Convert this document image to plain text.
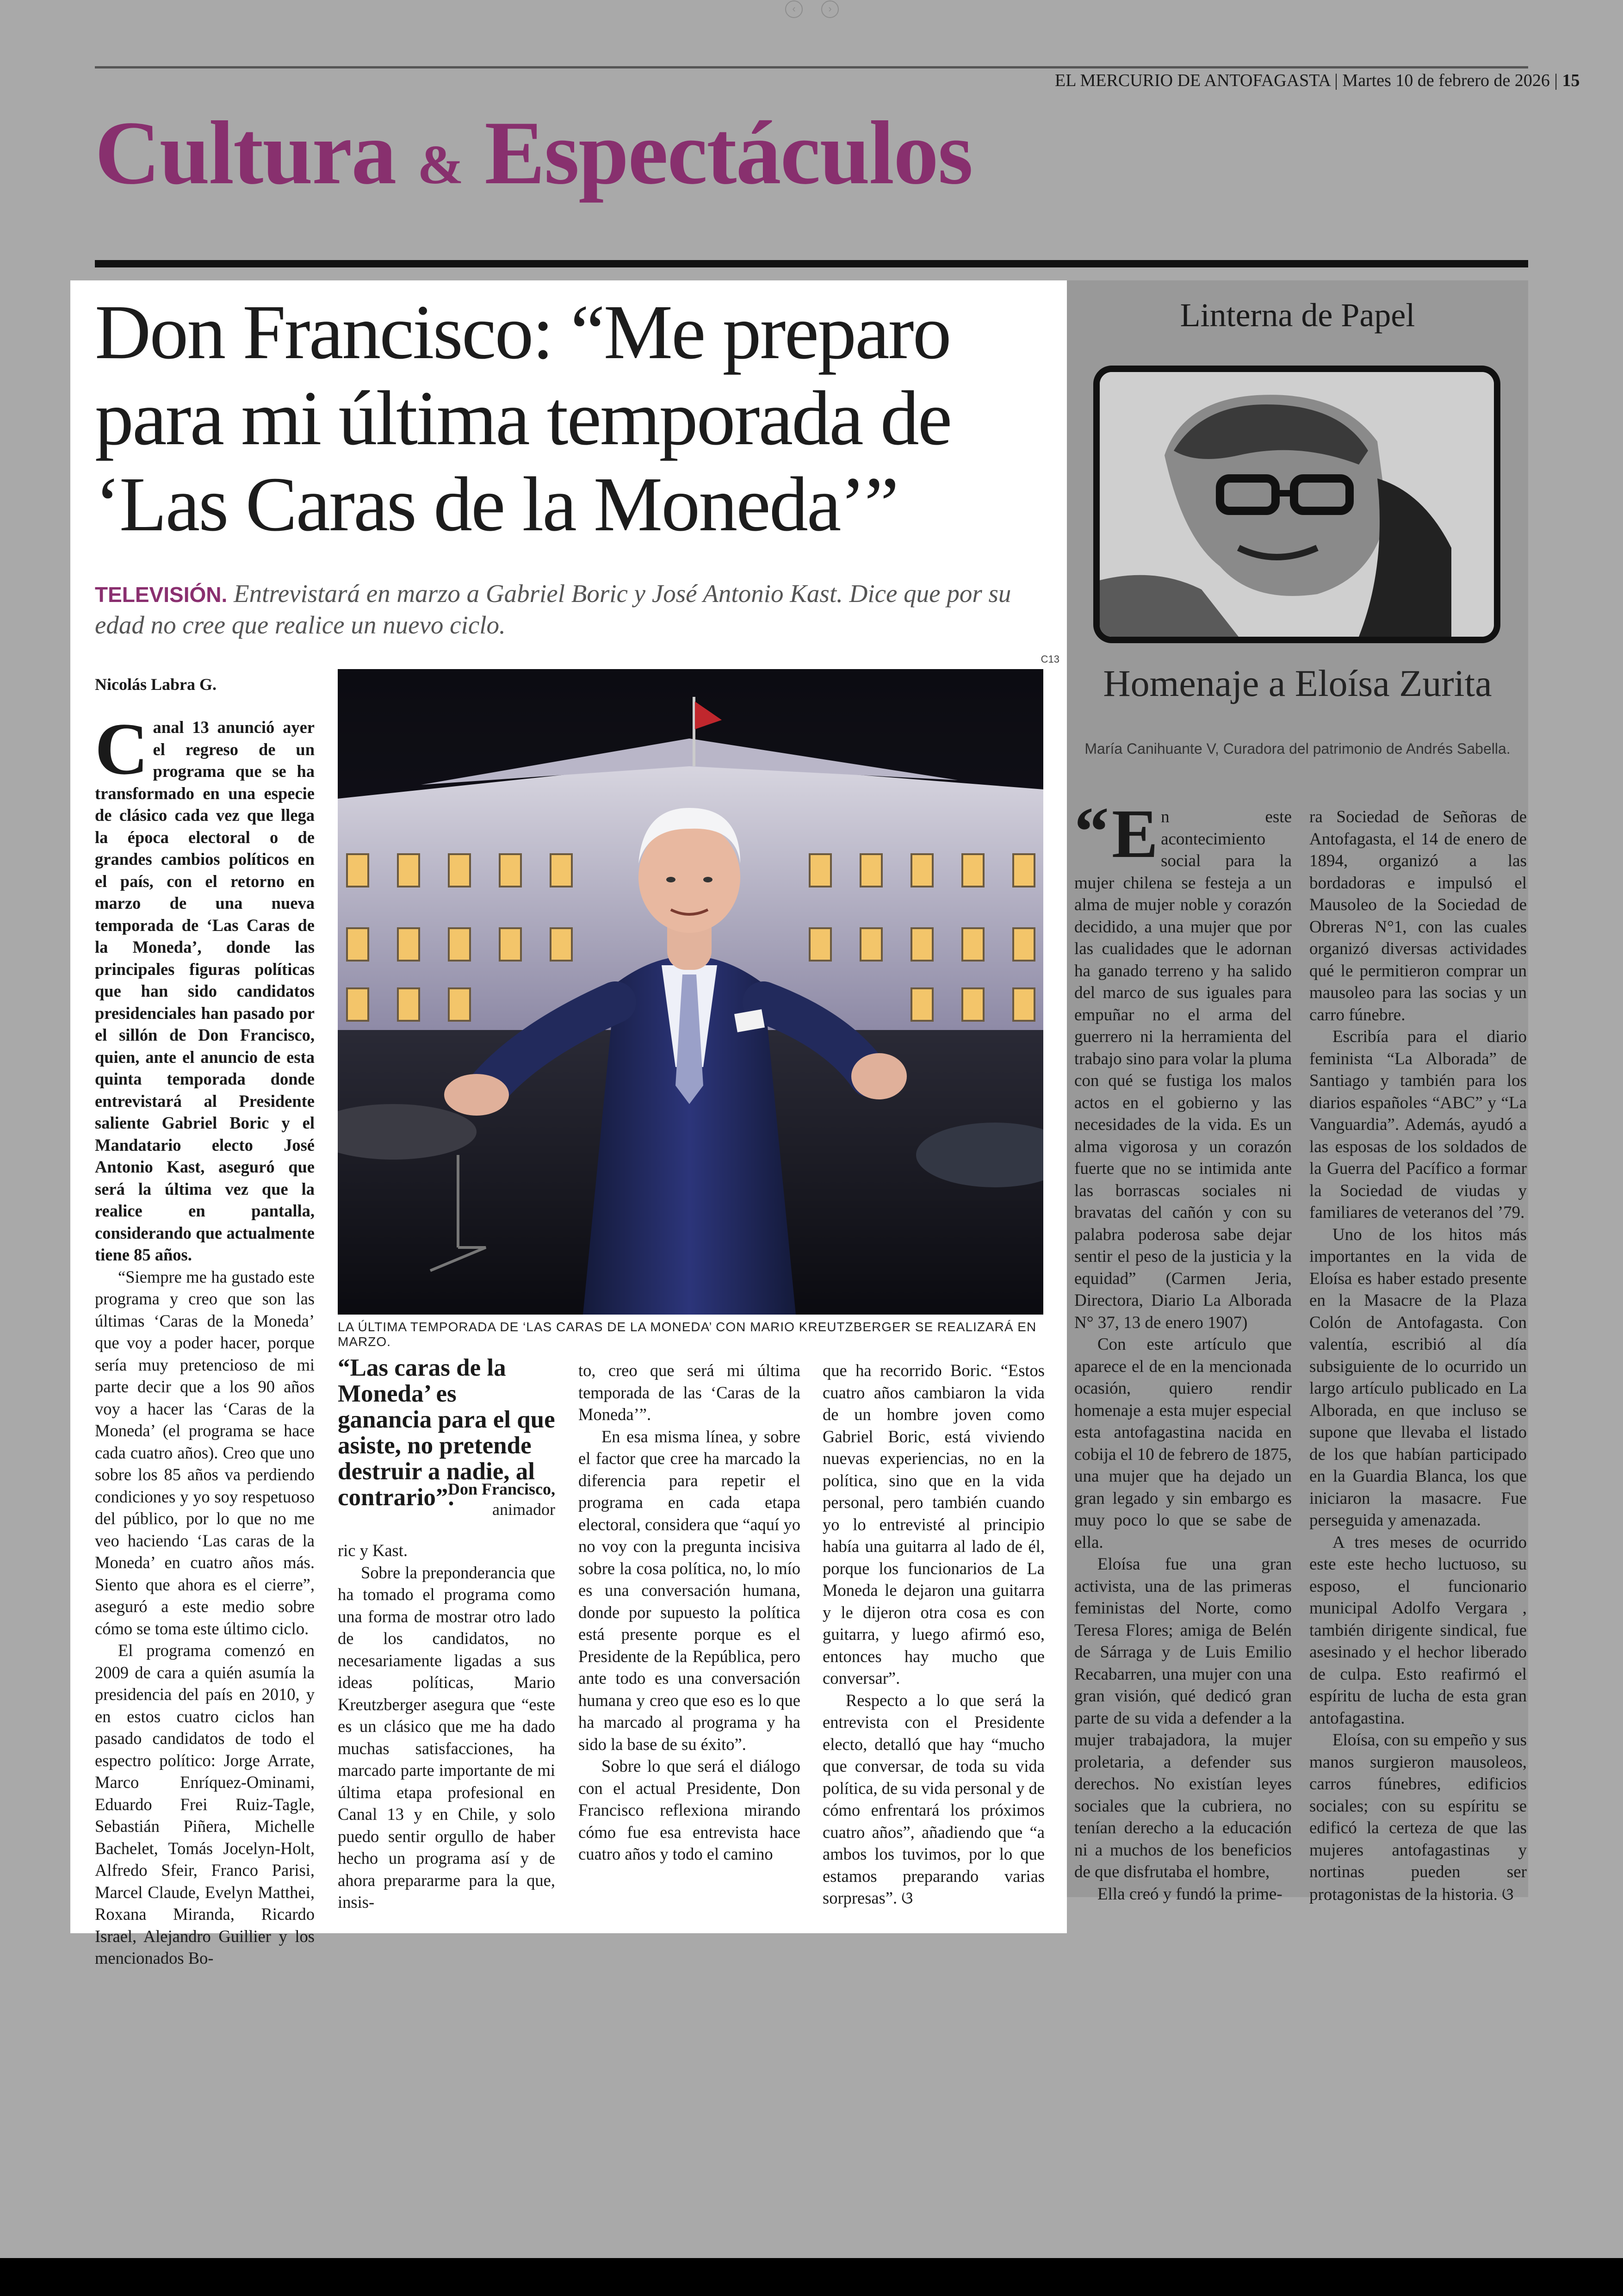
‹	›
EL MERCURIO DE ANTOFAGASTA | Martes 10 de febrero de 2026 | 15
Cultura & Espectáculos
Don Francisco: “Me preparo para mi última temporada de ‘Las Caras de la Moneda’”
TELEVISIÓN. Entrevistará en marzo a Gabriel Boric y José Antonio Kast. Dice que por su edad no cree que realice un nuevo ciclo.
C13
Nicolás Labra G.
LA ÚLTIMA TEMPORADA DE ‘LAS CARAS DE LA MONEDA’ CON MARIO KREUTZBERGER SE REALIZARÁ EN MARZO.

Canal 13 anunció ayer el regreso de un programa que se ha transformado en una especie de clásico cada vez que llega la época electoral o de grandes cambios políticos en el país, con el retorno en marzo de una nueva temporada de ‘Las Caras de la Moneda’, donde las principales figuras políticas que han sido candidatos presidenciales han pasado por el sillón de Don Francisco, quien, ante el anuncio de esta quinta temporada donde entrevistará al Presidente saliente Gabriel Boric y el Mandatario electo José Antonio Kast, aseguró que será la última vez que la realice en pantalla, considerando que actualmente tiene 85 años.

“Siempre me ha gustado este programa y creo que son las últimas ‘Caras de la Moneda’ que voy a poder hacer, porque sería muy pretencioso de mi parte decir que a los 90 años voy a hacer las ‘Caras de la Moneda’ (el programa se hace cada cuatro años). Creo que uno sobre los 85 años va perdiendo condiciones y yo soy respetuoso del público, por lo que no me veo haciendo ‘Las caras de la Moneda’ en cuatro años más. Siento que ahora es el cierre”, aseguró a este medio sobre cómo se toma este último ciclo.

El programa comenzó en 2009 de cara a quién asumía la presidencia del país en 2010, y en estos cuatro ciclos han pasado candidatos de todo el espectro político: Jorge Arrate, Marco Enríquez-Ominami, Eduardo Frei Ruiz-Tagle, Sebastián Piñera, Michelle Bachelet, Tomás Jocelyn-Holt, Alfredo Sfeir, Franco Parisi, Marcel Claude, Evelyn Matthei, Roxana Miranda, Ricardo Israel, Alejandro Guillier y los mencionados Bo-

“Las caras de la Moneda’ es ganancia para el que asiste, no pretende destruir a nadie, al contrario”.
Don Francisco,
animador

ric y Kast.

Sobre la preponderancia que ha tomado el programa como una forma de mostrar otro lado de los candidatos, no necesariamente ligadas a sus ideas políticas, Mario Kreutzberger asegura que “este es un clásico que me ha dado muchas satisfacciones, ha marcado parte importante de mi última etapa profesional en Canal 13 y en Chile, y solo puedo sentir orgullo de haber hecho un programa así y de ahora prepararme para la que, insis-

to, creo que será mi última temporada de las ‘Caras de la Moneda’”.

En esa misma línea, y sobre el factor que cree ha marcado la diferencia para repetir el programa en cada etapa electoral, considera que “aquí yo no voy con la pregunta incisiva sobre la cosa política, no, lo mío es una conversación humana, donde por supuesto la política está presente porque es el Presidente de la República, pero ante todo es una conversación humana y creo que eso es lo que ha marcado al programa y ha sido la base de su éxito”.

Sobre lo que será el diálogo con el actual Presidente, Don Francisco reflexiona mirando cómo fue esa entrevista hace cuatro años y todo el camino

que ha recorrido Boric. “Estos cuatro años cambiaron la vida de un hombre joven como Gabriel Boric, está viviendo nuevas experiencias, no en la política, sino que en la vida personal, pero también cuando yo lo entrevisté al principio había una guitarra al lado de él, porque los funcionarios de La Moneda le dejaron una guitarra y le dijeron otra cosa es con guitarra, y luego afirmó eso, entonces hay mucho que conversar”.

Respecto a lo que será la entrevista con el Presidente electo, detalló que hay “mucho que conversar, de toda su vida política, de su vida personal y de cómo enfrentará los próximos cuatro años”, añadiendo que “a ambos los tuvimos, por lo que estamos preparando varias sorpresas”. ଓ

Linterna de Papel
Homenaje a Eloísa Zurita
María Canihuante V, Curadora del patrimonio de Andrés Sabella.

“ E n este acontecimiento social para la mujer chilena se festeja a un alma de mujer noble y corazón decidido, a una mujer que por las cualidades que le adornan ha ganado terreno y ha salido del marco de sus iguales para empuñar no el arma del guerrero ni la herramienta del trabajo sino para volar la pluma con qué se fustiga los malos actos en el gobierno y las necesidades de la vida. Es un alma vigorosa y un corazón fuerte que no se intimida ante las borrascas sociales ni bravatas del cañón y con su palabra poderosa sabe dejar sentir el peso de la justicia y la equidad” (Carmen Jeria, Directora, Diario La Alborada N° 37, 13 de enero 1907)

Con este artículo que aparece el de en la mencionada ocasión, quiero rendir homenaje a esta mujer especial esta antofagastina nacida en cobija el 10 de febrero de 1875, una mujer que ha dejado un gran legado y sin embargo es muy poco lo que se sabe de ella.

Eloísa fue una gran activista, una de las primeras feministas del Norte, como Teresa Flores; amiga de Belén de Sárraga y de Luis Emilio Recabarren, una mujer con una gran visión, qué dedicó gran parte de su vida a defender a la mujer trabajadora, la mujer proletaria, a defender sus derechos. No existían leyes sociales que la cubriera, no tenían derecho a la educación ni a muchos de los beneficios de que disfrutaba el hombre,

Ella creó y fundó la prime-

ra Sociedad de Señoras de Antofagasta, el 14 de enero de 1894, organizó a las bordadoras e impulsó el Mausoleo de la Sociedad de Obreras N°1, con las cuales organizó diversas actividades qué le permitieron comprar un mausoleo para las socias y un carro fúnebre.

Escribía para el diario feminista “La Alborada” de Santiago y también para los diarios españoles “ABC” y “La Vanguardia”. Además, ayudó a las esposas de los soldados de la Guerra del Pacífico a formar la Sociedad de viudas y familiares de veteranos del ’79.

Uno de los hitos más importantes en la vida de Eloísa es haber estado presente en la Masacre de la Plaza Colón de Antofagasta. Con valentía, escribió al día subsiguiente de lo ocurrido un largo artículo publicado en La Alborada, en que incluso se supone que llevaba el listado de los que habían participado en la Guardia Blanca, los que iniciaron la masacre. Fue perseguida y amenazada.

A tres meses de ocurrido este este hecho luctuoso, su esposo, el funcionario municipal Adolfo Vergara , también dirigente sindical, fue asesinado y el hechor liberado de culpa. Esto reafirmó el espíritu de lucha de esta gran antofagastina.

Eloísa, con su empeño y sus manos surgieron mausoleos, carros fúnebres, edificios sociales; con su espíritu se edificó la certeza de que las mujeres antofagastinas y nortinas pueden ser protagonistas de la historia. ଓ
